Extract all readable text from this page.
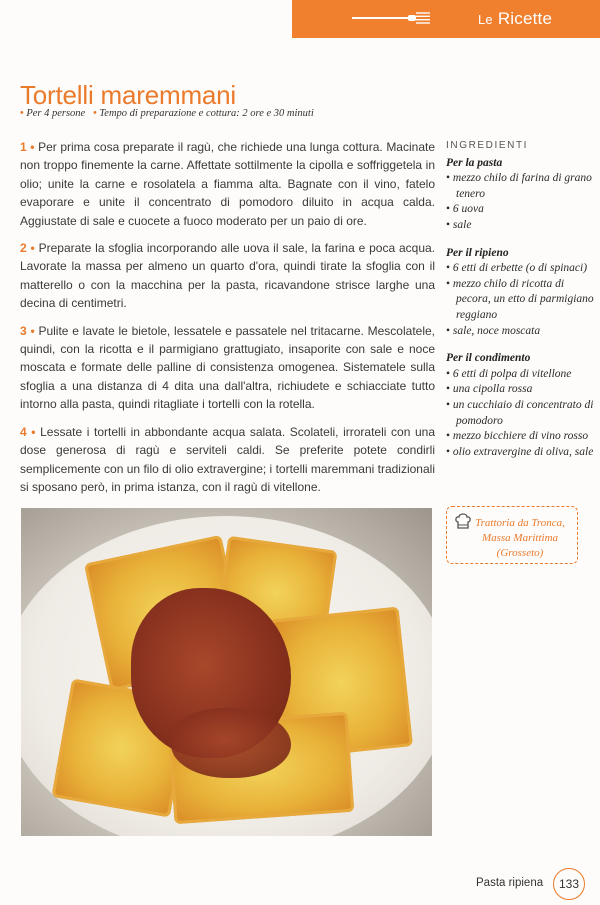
Le Ricette
Tortelli maremmani
• Per 4 persone • Tempo di preparazione e cottura: 2 ore e 30 minuti

1 • Per prima cosa preparate il ragù, che richiede una lunga cottura. Macinate non troppo finemente la carne. Affettate sottilmente la cipolla e soffriggetela in olio; unite la carne e rosolatela a fiamma alta. Bagnate con il vino, fatelo evaporare e unite il concentrato di pomodoro diluito in acqua calda. Aggiustate di sale e cuocete a fuoco moderato per un paio di ore.

2 • Preparate la sfoglia incorporando alle uova il sale, la farina e poca acqua. Lavorate la massa per almeno un quarto d'ora, quindi tirate la sfoglia con il matterello o con la macchina per la pasta, ricavandone strisce larghe una decina di centimetri.

3 • Pulite e lavate le bietole, lessatele e passatele nel tritacarne. Mescolatele, quindi, con la ricotta e il parmigiano grattugiato, insaporite con sale e noce moscata e formate delle palline di consistenza omogenea. Sistematele sulla sfoglia a una distanza di 4 dita una dall'altra, richiudete e schiacciate tutto intorno alla pasta, quindi ritagliate i tortelli con la rotella.

4 • Lessate i tortelli in abbondante acqua salata. Scolateli, irrorateli con una dose generosa di ragù e serviteli caldi. Se preferite potete condirli semplicemente con un filo di olio extravergine; i tortelli maremmani tradizionali si sposano però, in prima istanza, con il ragù di vitellone.

INGREDIENTI
Per la pasta
• mezzo chilo di farina di grano tenero
• 6 uova
• sale
Per il ripieno
• 6 etti di erbette (o di spinaci)
• mezzo chilo di ricotta di pecora, un etto di parmigiano reggiano
• sale, noce moscata
Per il condimento
• 6 etti di polpa di vitellone
• una cipolla rossa
• un cucchiaio di concentrato di pomodoro
• mezzo bicchiere di vino rosso
• olio extravergine di oliva, sale
Trattoria da Tronca, Massa Marittima (Grosseto)
Pasta ripiena	133
